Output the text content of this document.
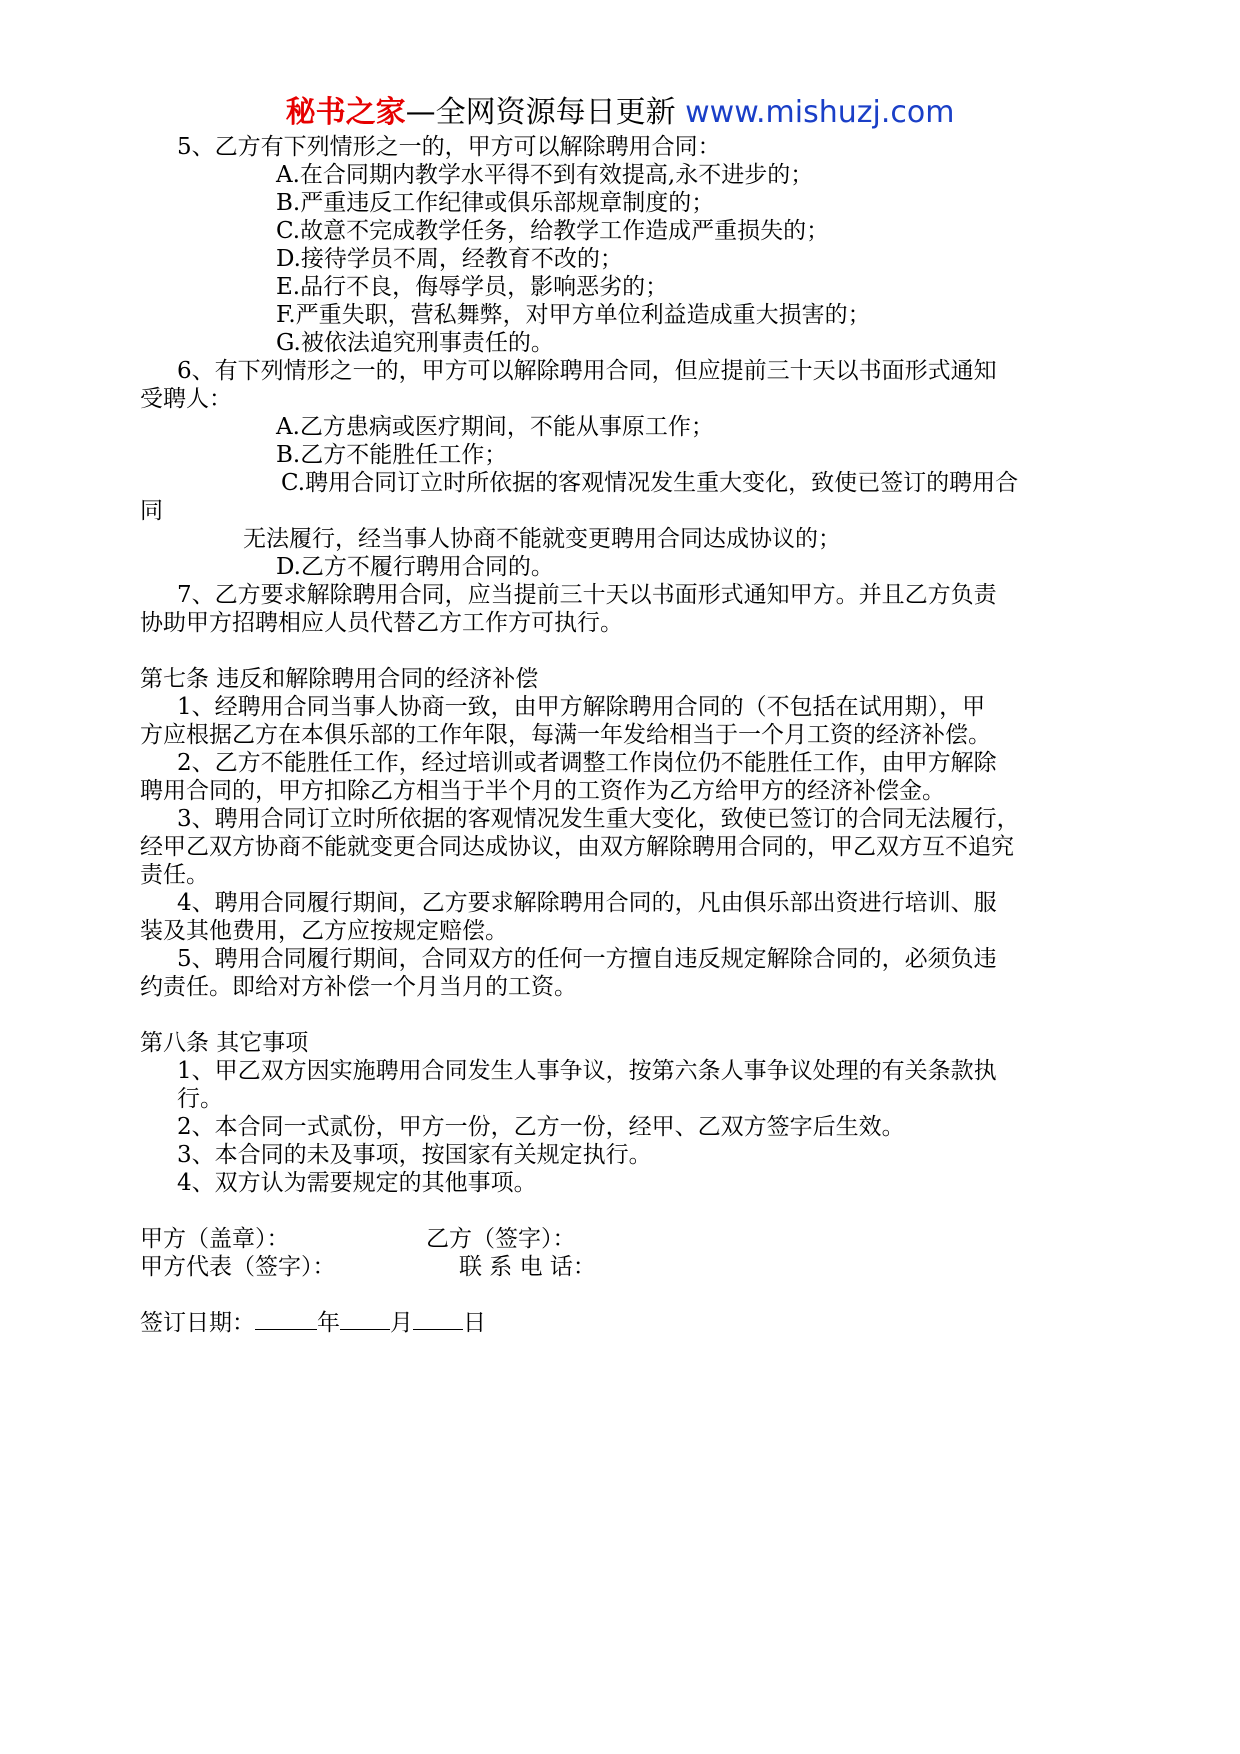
秘书之家—全网资源每日更新 www.mishuzj.com
5、乙方有下列情形之一的，甲方可以解除聘用合同：
A.在合同期内教学水平得不到有效提高,永不进步的；
B.严重违反工作纪律或俱乐部规章制度的；
C.故意不完成教学任务，给教学工作造成严重损失的；
D.接待学员不周，经教育不改的；
E.品行不良，侮辱学员，影响恶劣的；
F.严重失职，营私舞弊，对甲方单位利益造成重大损害的；
G.被依法追究刑事责任的。
6、有下列情形之一的，甲方可以解除聘用合同，但应提前三十天以书面形式通知
受聘人：
A.乙方患病或医疗期间，不能从事原工作；
B.乙方不能胜任工作；
C.聘用合同订立时所依据的客观情况发生重大变化，致使已签订的聘用合
同
无法履行，经当事人协商不能就变更聘用合同达成协议的；
D.乙方不履行聘用合同的。
7、乙方要求解除聘用合同，应当提前三十天以书面形式通知甲方。并且乙方负责
协助甲方招聘相应人员代替乙方工作方可执行。
第七条 违反和解除聘用合同的经济补偿
1、经聘用合同当事人协商一致，由甲方解除聘用合同的（不包括在试用期），甲
方应根据乙方在本俱乐部的工作年限，每满一年发给相当于一个月工资的经济补偿。
2、乙方不能胜任工作，经过培训或者调整工作岗位仍不能胜任工作，由甲方解除
聘用合同的，甲方扣除乙方相当于半个月的工资作为乙方给甲方的经济补偿金。
3、聘用合同订立时所依据的客观情况发生重大变化，致使已签订的合同无法履行，
经甲乙双方协商不能就变更合同达成协议，由双方解除聘用合同的，甲乙双方互不追究
责任。
4、聘用合同履行期间，乙方要求解除聘用合同的，凡由俱乐部出资进行培训、服
装及其他费用，乙方应按规定赔偿。
5、聘用合同履行期间，合同双方的任何一方擅自违反规定解除合同的，必须负违
约责任。即给对方补偿一个月当月的工资。
第八条 其它事项
1、甲乙双方因实施聘用合同发生人事争议，按第六条人事争议处理的有关条款执
行。
2、本合同一式贰份，甲方一份，乙方一份，经甲、乙双方签字后生效。
3、本合同的未及事项，按国家有关规定执行。
4、双方认为需要规定的其他事项。
甲方（盖章）：	乙方（签字）：
甲方代表（签字）：	联 系 电 话：
签订日期：	年 月 日
